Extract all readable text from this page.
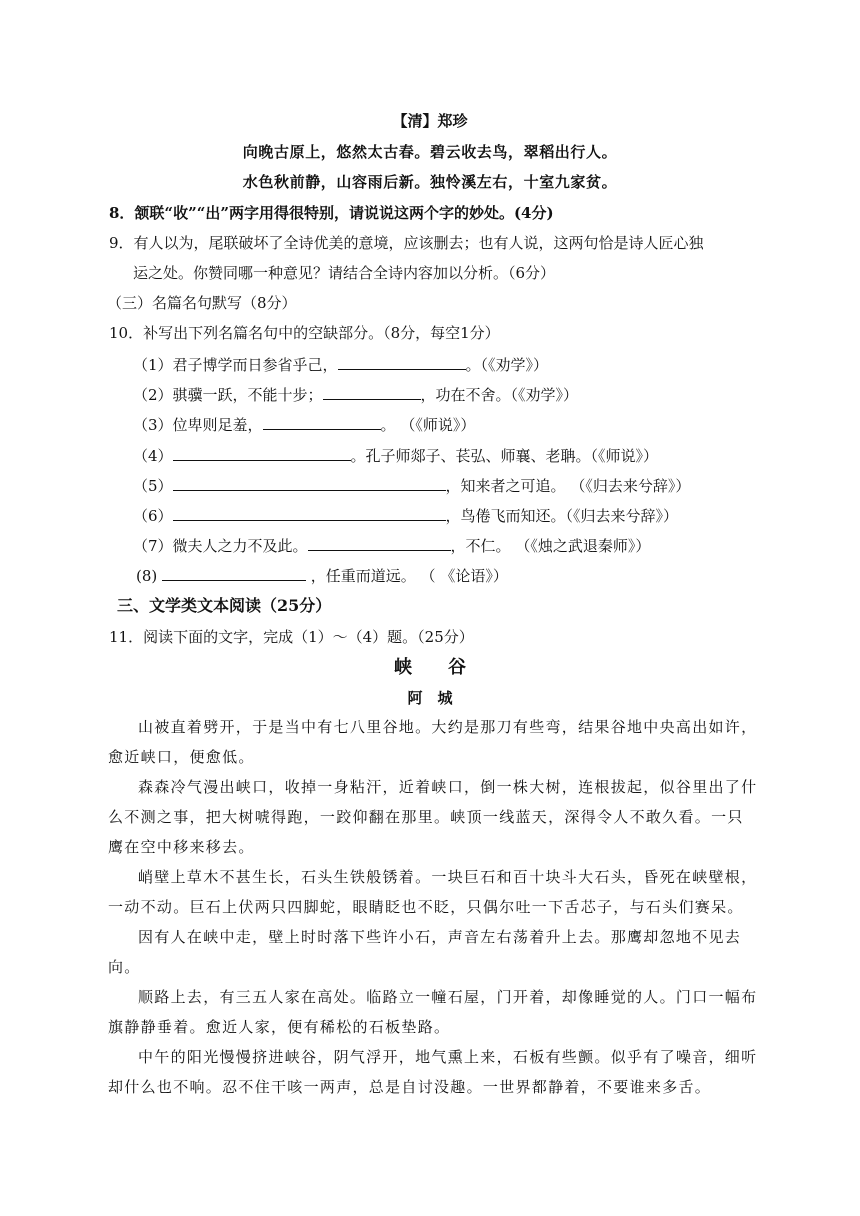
【清】郑珍
向晚古原上，悠然太古春。碧云收去鸟，翠稻出行人。
水色秋前静，山容雨后新。独怜溪左右，十室九家贫。
8．颔联“收”“出”两字用得很特别，请说说这两个字的妙处。(4分)
9．有人以为，尾联破坏了全诗优美的意境，应该删去；也有人说，这两句恰是诗人匠心独
运之处。你赞同哪一种意见？请结合全诗内容加以分析。（6分）
（三）名篇名句默写（8分）
10．补写出下列名篇名句中的空缺部分。（8分，每空1分）
（1）君子博学而日参省乎己，	。（《劝学》）
（2）骐骥一跃，不能十步；	，功在不舍。（《劝学》）
（3）位卑则足羞，	。 （《师说》）
（4）	。孔子师郯子、苌弘、师襄、老聃。（《师说》）
（5）	，知来者之可追。 （《归去来兮辞》）
（6）	，鸟倦飞而知还。（《归去来兮辞》）
（7）微夫人之力不及此。	，不仁。 （《烛之武退秦师》）
(8)	，任重而道远。 （ 《论语》）
三、文学类文本阅读（25分）
11．阅读下面的文字，完成（1）～（4）题。（25分）
峡　　谷
阿　城

山被直着劈开，于是当中有七八里谷地。大约是那刀有些弯，结果谷地中央高出如许，愈近峡口，便愈低。

森森冷气漫出峡口，收掉一身粘汗，近着峡口，倒一株大树，连根拔起，似谷里出了什么不测之事，把大树唬得跑，一跤仰翻在那里。峡顶一线蓝天，深得令人不敢久看。一只鹰在空中移来移去。

峭壁上草木不甚生长，石头生铁般锈着。一块巨石和百十块斗大石头，昏死在峡壁根，一动不动。巨石上伏两只四脚蛇，眼睛眨也不眨，只偶尔吐一下舌芯子，与石头们赛呆。

因有人在峡中走，壁上时时落下些许小石，声音左右荡着升上去。那鹰却忽地不见去向。

顺路上去，有三五人家在高处。临路立一幢石屋，门开着，却像睡觉的人。门口一幅布旗静静垂着。愈近人家，便有稀松的石板垫路。

中午的阳光慢慢挤进峡谷，阴气浮开，地气熏上来，石板有些颤。似乎有了噪音，细听却什么也不响。忍不住干咳一两声，总是自讨没趣。一世界都静着，不要谁来多舌。
